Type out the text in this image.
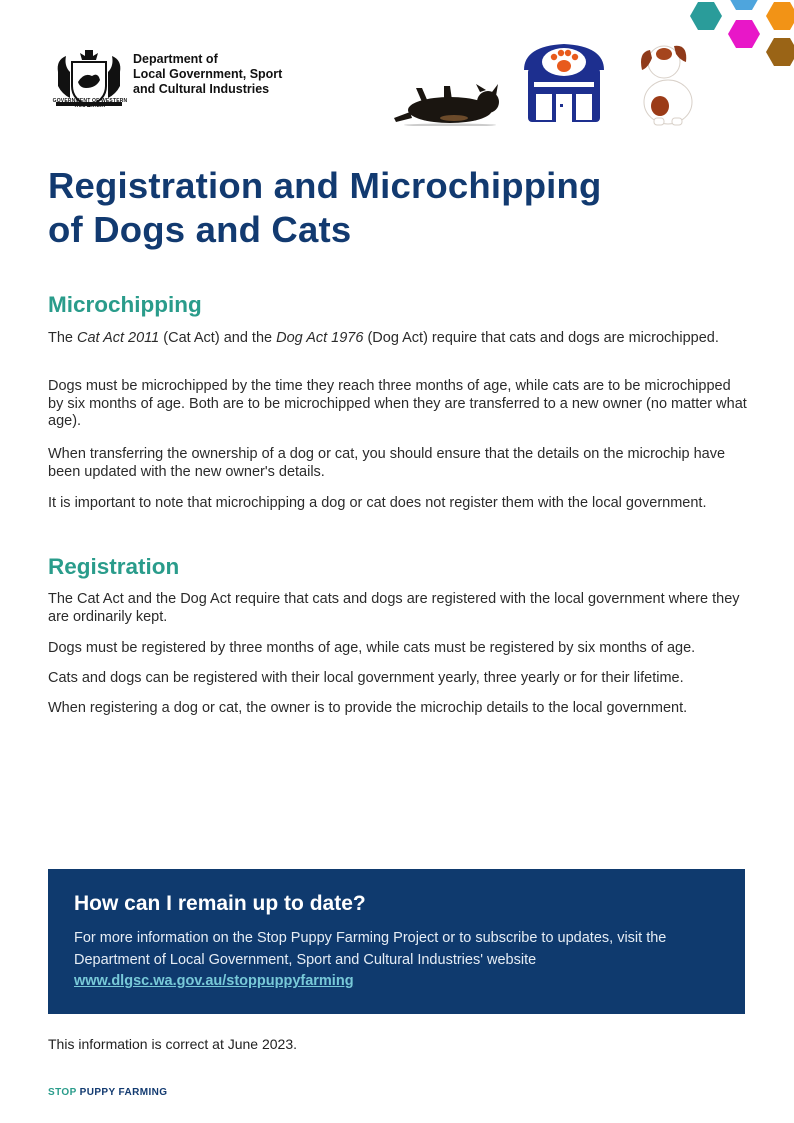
GOVERNMENT OF WESTERN AUSTRALIA
Department of
Local Government, Sport
and Cultural Industries
Registration and Microchipping
of Dogs and Cats
Microchipping

The Cat Act 2011 (Cat Act) and the Dog Act 1976 (Dog Act) require that cats and dogs are microchipped.

Dogs must be microchipped by the time they reach three months of age, while cats are to be microchipped by six months of age. Both are to be microchipped when they are transferred to a new owner (no matter what age).

When transferring the ownership of a dog or cat, you should ensure that the details on the microchip have been updated with the new owner's details.

It is important to note that microchipping a dog or cat does not register them with the local government.

Registration

The Cat Act and the Dog Act require that cats and dogs are registered with the local government where they are ordinarily kept.

Dogs must be registered by three months of age, while cats must be registered by six months of age.

Cats and dogs can be registered with their local government yearly, three yearly or for their lifetime.

When registering a dog or cat, the owner is to provide the microchip details to the local government.

How can I remain up to date?
For more information on the Stop Puppy Farming Project or to subscribe to updates, visit the Department of Local Government, Sport and Cultural Industries' website
www.dlgsc.wa.gov.au/stoppuppyfarming

This information is correct at June 2023.

STOP PUPPY FARMING
